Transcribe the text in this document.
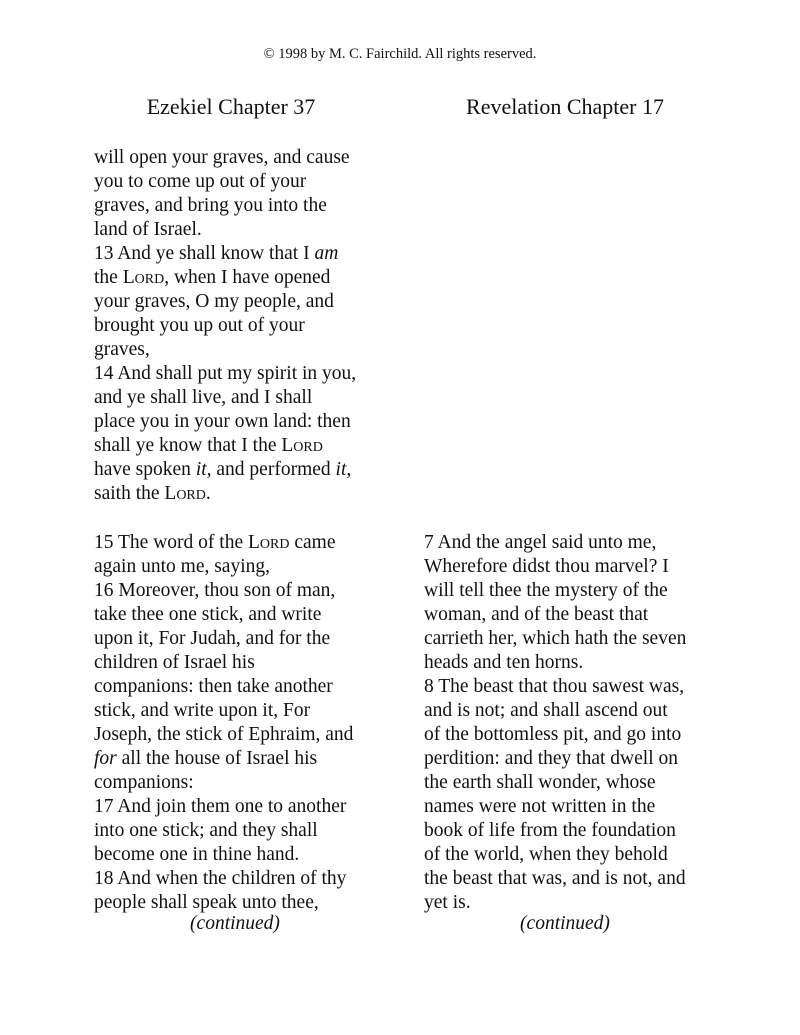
© 1998 by M. C. Fairchild. All rights reserved.
Ezekiel Chapter 37	Revelation Chapter 17
will open your graves, and cause
you to come up out of your
graves, and bring you into the
land of Israel.
13 And ye shall know that I am
the Lord, when I have opened
your graves, O my people, and
brought you up out of your
graves,
14 And shall put my spirit in you,
and ye shall live, and I shall
place you in your own land: then
shall ye know that I the Lord
have spoken it, and performed it,
saith the Lord.
15 The word of the Lord came
again unto me, saying,
16 Moreover, thou son of man,
take thee one stick, and write
upon it, For Judah, and for the
children of Israel his
companions: then take another
stick, and write upon it, For
Joseph, the stick of Ephraim, and
for all the house of Israel his
companions:
17 And join them one to another
into one stick; and they shall
become one in thine hand.
18 And when the children of thy
people shall speak unto thee,
7 And the angel said unto me,
Wherefore didst thou marvel? I
will tell thee the mystery of the
woman, and of the beast that
carrieth her, which hath the seven
heads and ten horns.
8 The beast that thou sawest was,
and is not; and shall ascend out
of the bottomless pit, and go into
perdition: and they that dwell on
the earth shall wonder, whose
names were not written in the
book of life from the foundation
of the world, when they behold
the beast that was, and is not, and
yet is.
(continued)	(continued)
